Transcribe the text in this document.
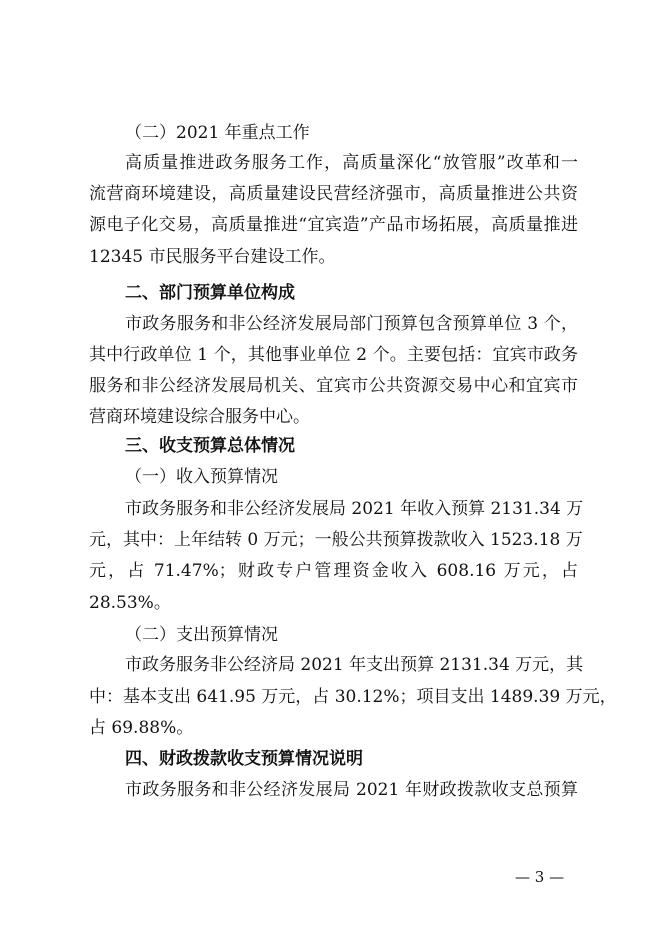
（二）2021 年重点工作
高质量推进政务服务工作，高质量深化“放管服”改革和一
流营商环境建设，高质量建设民营经济强市，高质量推进公共资
源电子化交易，高质量推进“宜宾造”产品市场拓展，高质量推进
12345 市民服务平台建设工作。
二、部门预算单位构成
市政务服务和非公经济发展局部门预算包含预算单位 3 个，
其中行政单位 1 个，其他事业单位 2 个。主要包括：宜宾市政务
服务和非公经济发展局机关、宜宾市公共资源交易中心和宜宾市
营商环境建设综合服务中心。
三、收支预算总体情况
（一）收入预算情况
市政务服务和非公经济发展局 2021 年收入预算 2131.34 万
元，其中：上年结转 0 万元；一般公共预算拨款收入 1523.18 万
元，占 71.47%；财政专户管理资金收入 608.16 万元，占
28.53%。
（二）支出预算情况
市政务服务非公经济局 2021 年支出预算 2131.34 万元，其
中：基本支出 641.95 万元，占 30.12%；项目支出 1489.39 万元，
占 69.88%。
四、财政拨款收支预算情况说明
市政务服务和非公经济发展局 2021 年财政拨款收支总预算
— 3 —
